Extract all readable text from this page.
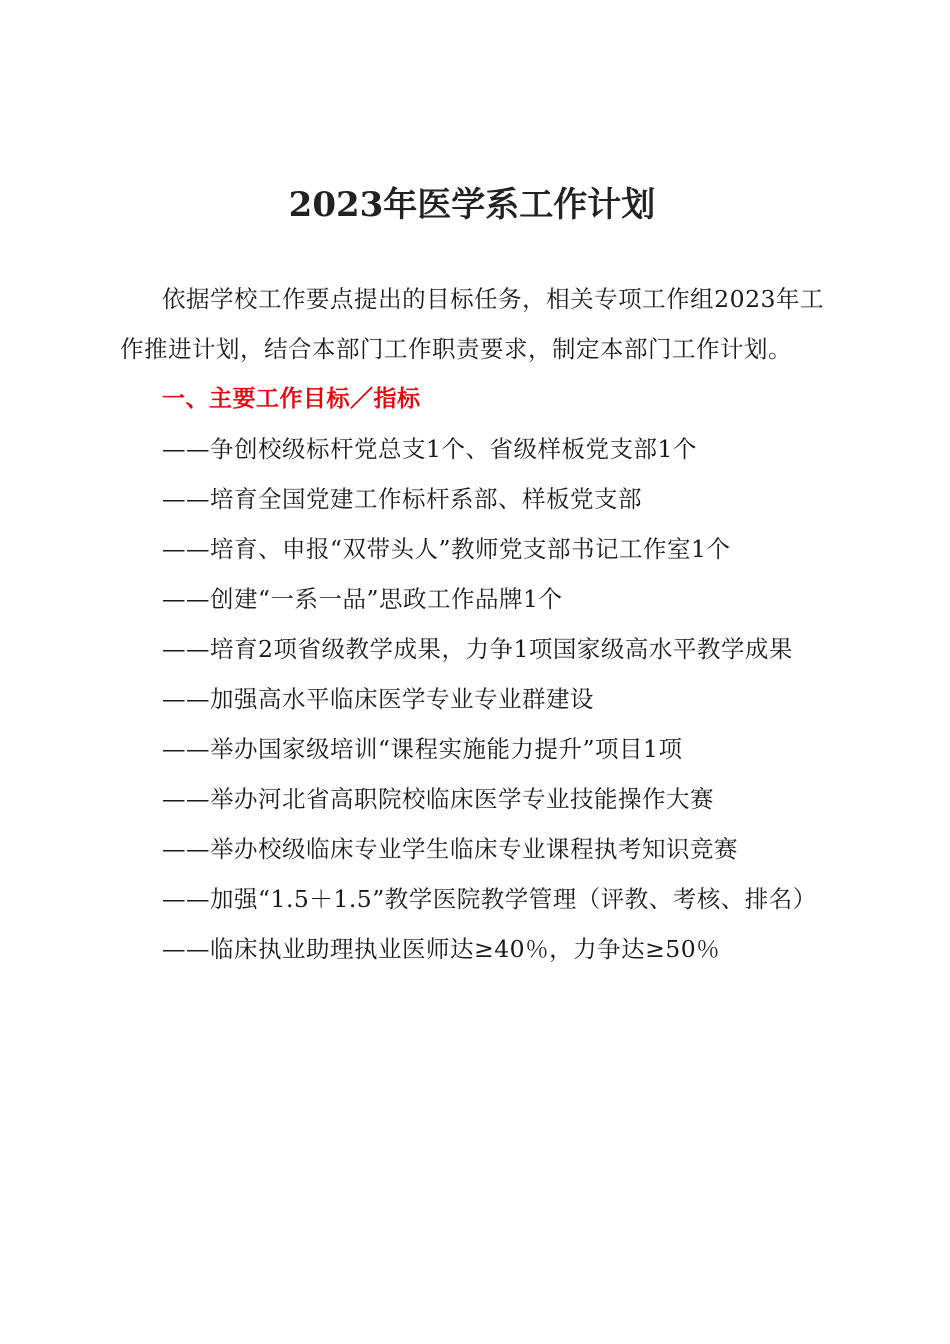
2023年医学系工作计划

依据学校工作要点提出的目标任务，相关专项工作组2023年工作推进计划，结合本部门工作职责要求，制定本部门工作计划。

一、主要工作目标／指标

——争创校级标杆党总支1个、省级样板党支部1个

——培育全国党建工作标杆系部、样板党支部

——培育、申报“双带头人”教师党支部书记工作室1个

——创建“一系一品”思政工作品牌1个

——培育2项省级教学成果，力争1项国家级高水平教学成果

——加强高水平临床医学专业专业群建设

——举办国家级培训“课程实施能力提升”项目1项

——举办河北省高职院校临床医学专业技能操作大赛

——举办校级临床专业学生临床专业课程执考知识竞赛

——加强“1.5＋1.5”教学医院教学管理（评教、考核、排名）

——临床执业助理执业医师达≥40％，力争达≥50％
